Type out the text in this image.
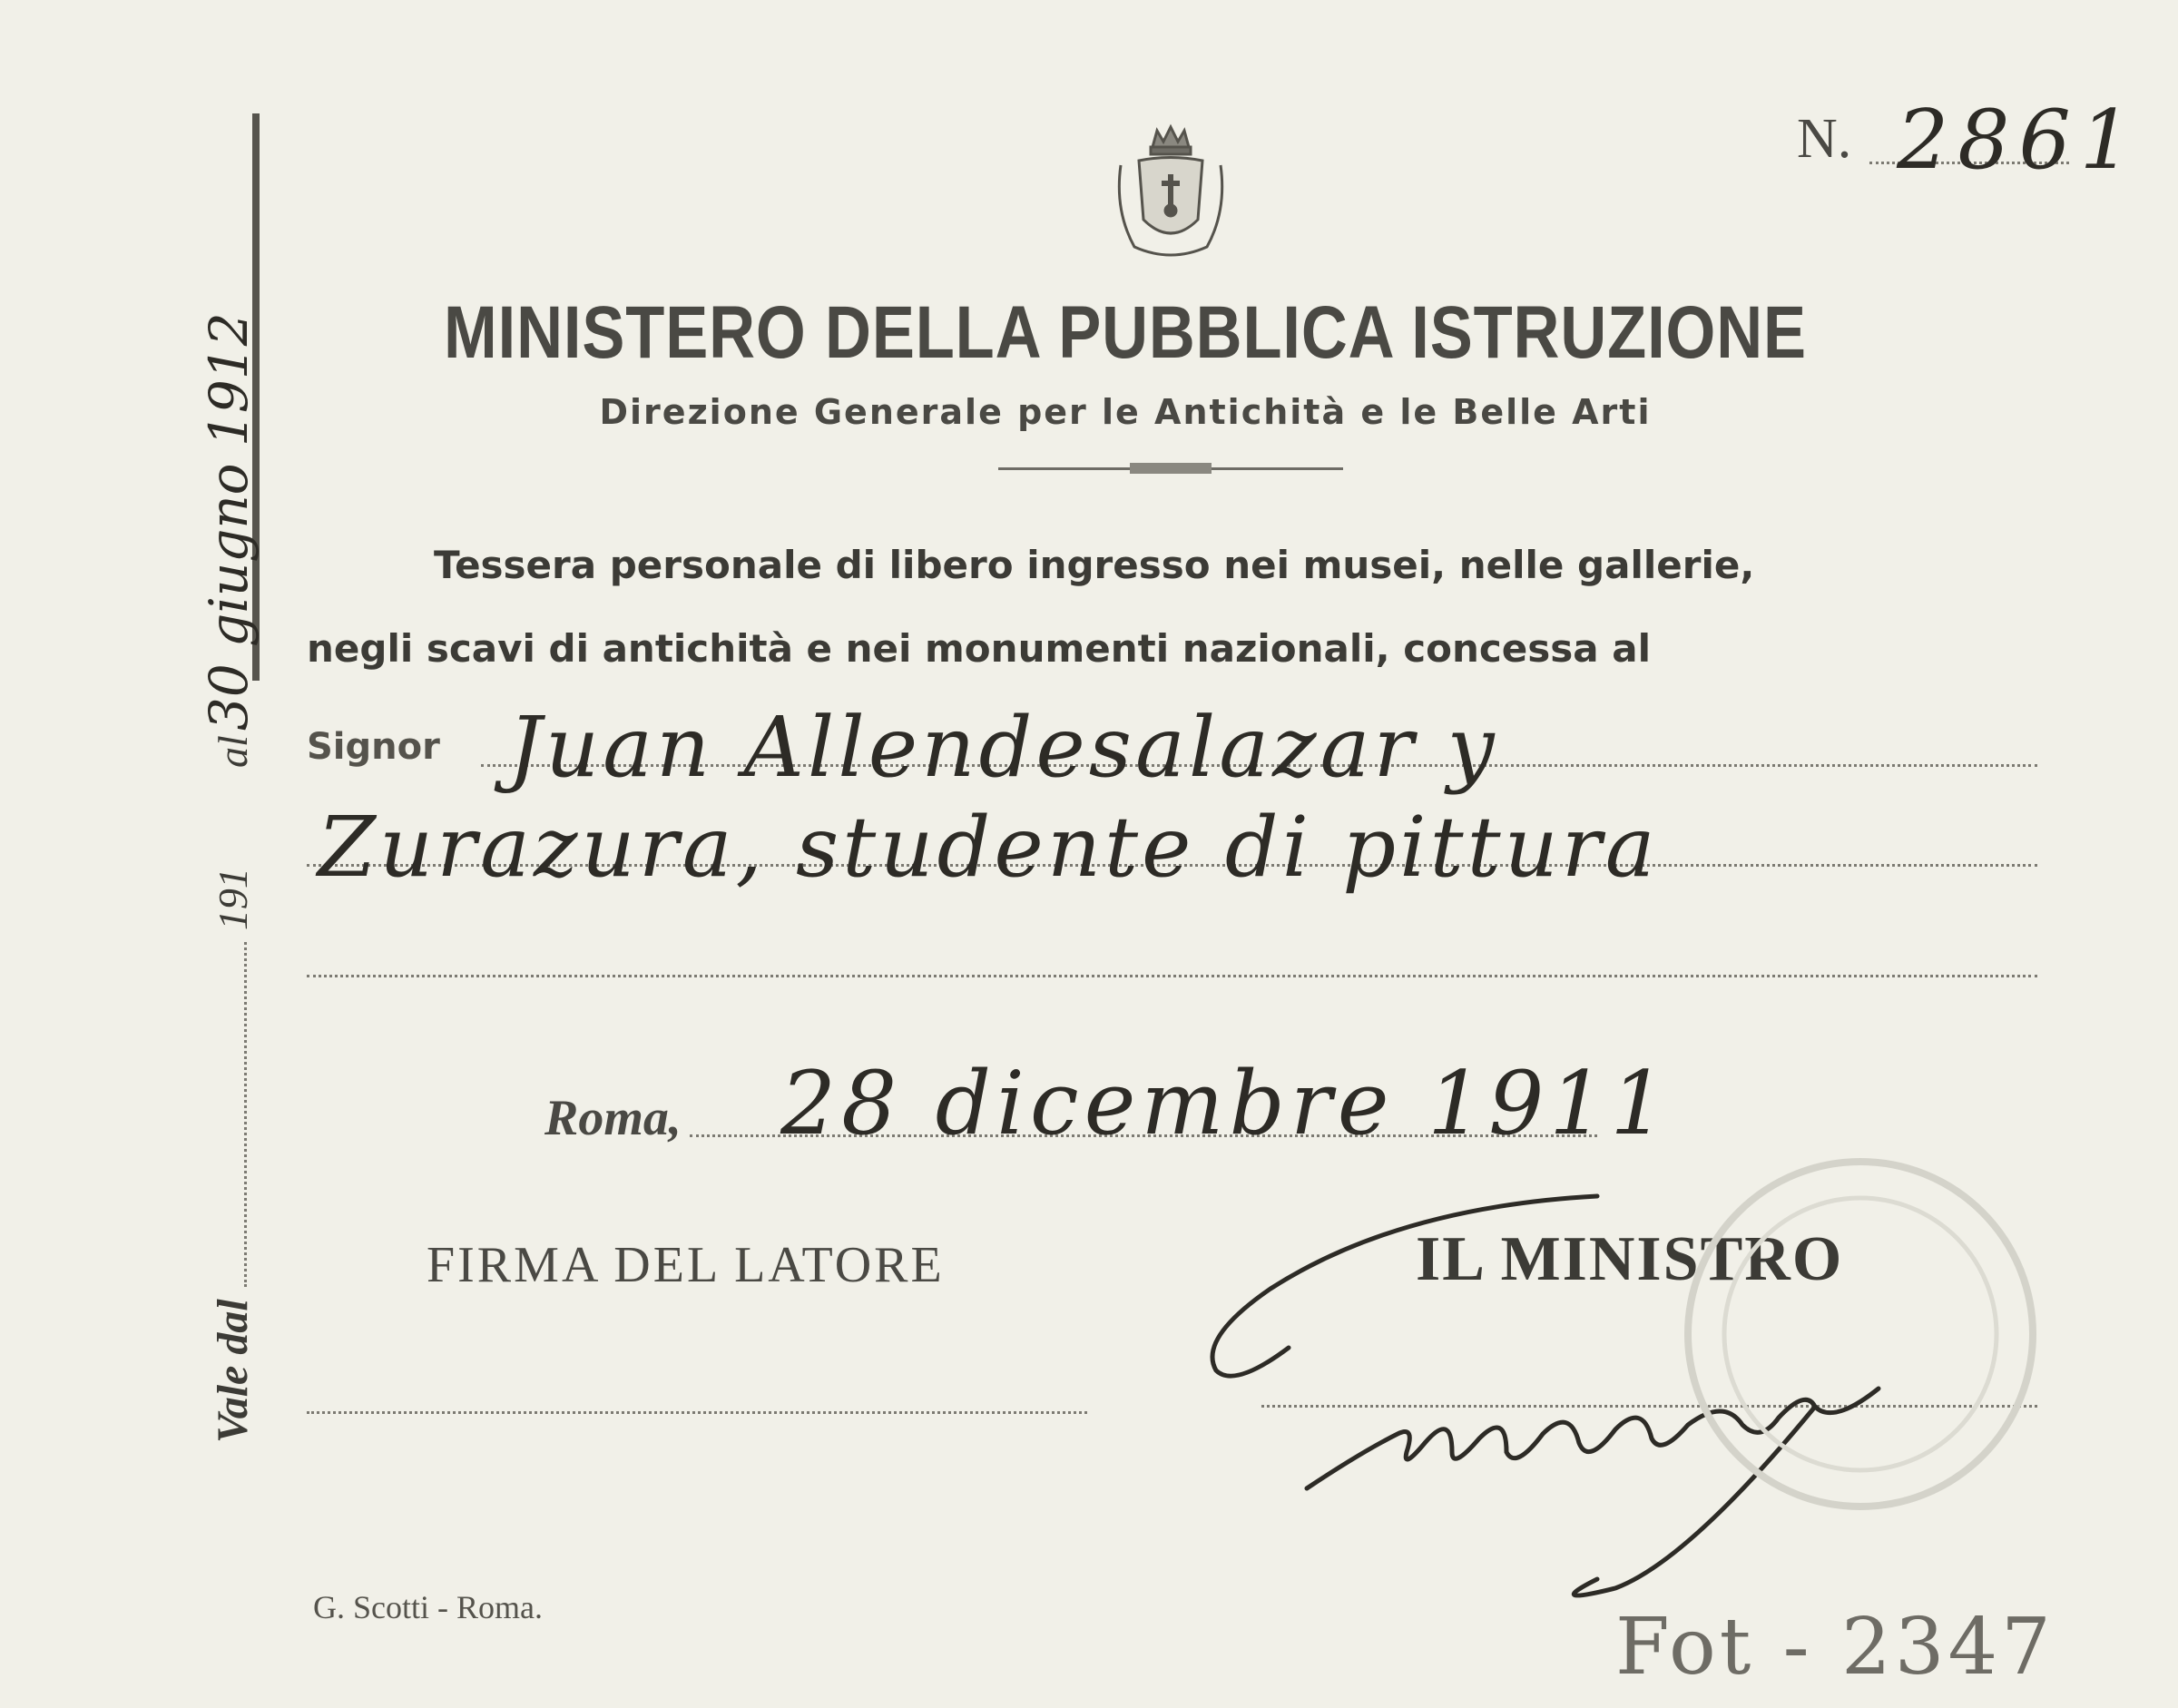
N. 2861
Vale dal  191  al 30 giugno 1912	MINISTERO DELLA PUBBLICA ISTRUZIONE
Direzione Generale per le Antichità e le Belle Arti
Tessera personale di libero ingresso nei musei, nelle gallerie,
negli scavi di antichità e nei monumenti nazionali, concessa al
Signor Juan Allendesalazar y
Zurazura, studente di pittura
Roma, 28 dicembre 1911
FIRMA DEL LATORE	IL MINISTRO
G. Scotti - Roma.	Fot - 2347
